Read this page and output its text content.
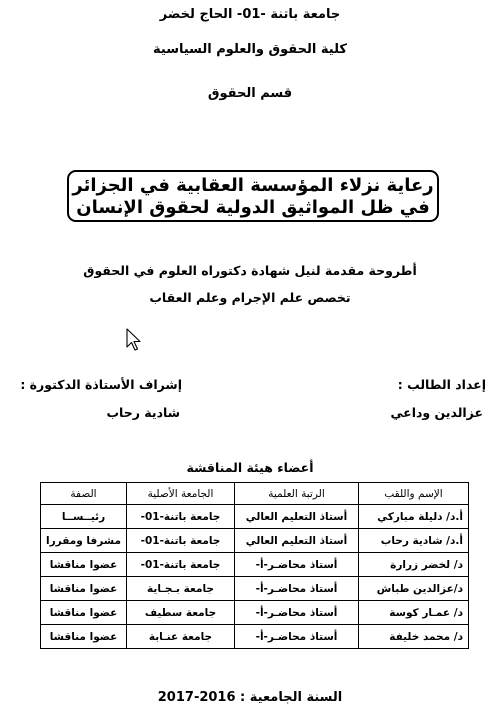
جامعة باتنة -01- الحاج لخضر
كلية الحقوق والعلوم السياسية
قسم الحقوق
رعاية نزلاء المؤسسة العقابية في الجزائر
في ظل المواثيق الدولية لحقوق الإنسان
أطروحة مقدمة لنيل شهادة دكتوراه العلوم في الحقوق
تخصص علم الإجرام وعلم العقاب
إعداد الطالب :
إشراف الأستاذة الدكتورة :
عزالدين وداعي
شادية رحاب
أعضاء هيئة المناقشة
الإسم واللقب	الرتبة العلمية	الجامعة الأصلية	الصفة
أ.د/ دليلة مباركي	أستاذ التعليم العالي	جامعة باتنة-01-	رئيــســا
أ.د/ شادية رحاب	أستاذ التعليم العالي	جامعة باتنة-01-	مشرفا ومقررا
د/ لخضر زرارة	أستاذ محاضـر-أ-	جامعة باتنة-01-	عضوا مناقشا
د/عزالدين طباش	أستاذ محاضـر-أ-	جامعة بـجـاية	عضوا مناقشا
د/ عمـار كوسة	أستاذ محاضـر-أ-	جامعة سطيف	عضوا مناقشا
د/ محمد خليفة	أستاذ محاضـر-أ-	جامعة عنـابة	عضوا مناقشا
السنة الجامعية : 2016-2017
